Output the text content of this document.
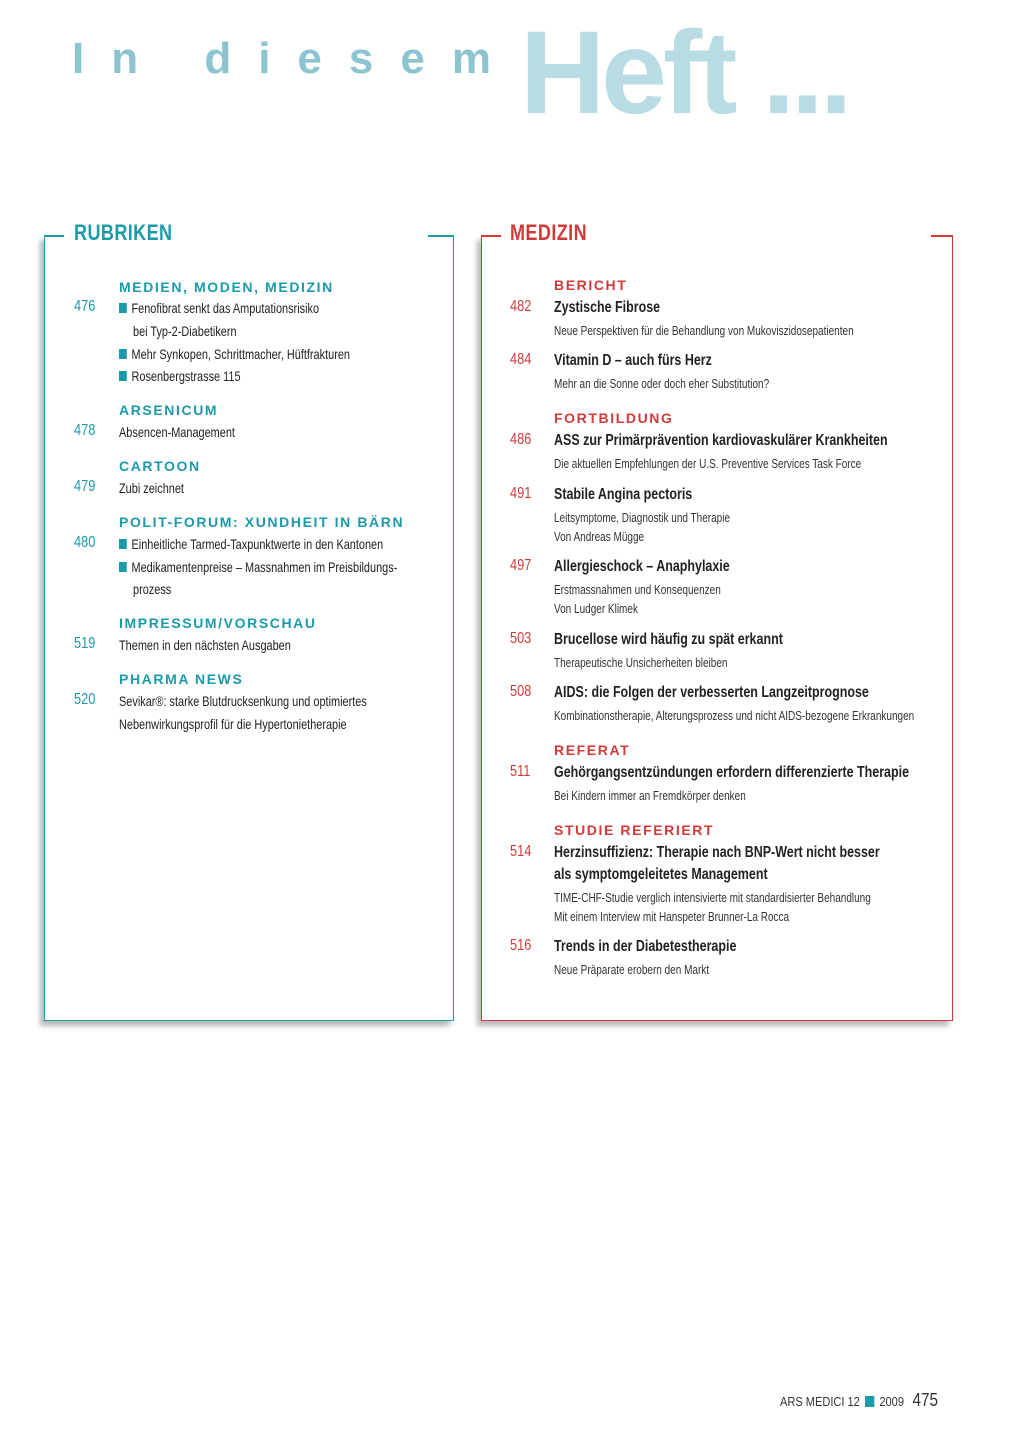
In diesem Heft ...
RUBRIKEN
MEDIEN, MODEN, MEDIZIN
476	Fenofibrat senkt das Amputationsrisiko
bei Typ-2-Diabetikern
Mehr Synkopen, Schrittmacher, Hüftfrakturen
Rosenbergstrasse 115
ARSENICUM
478 Absencen-Management
CARTOON
479 Zubi zeichnet
POLIT-FORUM: XUNDHEIT IN BÄRN
480	Einheitliche Tarmed-Taxpunktwerte in den Kantonen
Medikamentenpreise – Massnahmen im Preisbildungs-
prozess
IMPRESSUM/VORSCHAU
519 Themen in den nächsten Ausgaben
PHARMA NEWS
520 Sevikar®: starke Blutdrucksenkung und optimiertes
Nebenwirkungsprofil für die Hypertonietherapie
MEDIZIN
BERICHT
482 Zystische Fibrose
Neue Perspektiven für die Behandlung von Mukoviszidosepatienten
484 Vitamin D – auch fürs Herz
Mehr an die Sonne oder doch eher Substitution?
FORTBILDUNG
486 ASS zur Primärprävention kardiovaskulärer Krankheiten
Die aktuellen Empfehlungen der U.S. Preventive Services Task Force
491 Stabile Angina pectoris
Leitsymptome, Diagnostik und Therapie
Von Andreas Mügge
497 Allergieschock – Anaphylaxie
Erstmassnahmen und Konsequenzen
Von Ludger Klimek
503 Brucellose wird häufig zu spät erkannt
Therapeutische Unsicherheiten bleiben
508 AIDS: die Folgen der verbesserten Langzeitprognose
Kombinationstherapie, Alterungsprozess und nicht AIDS-bezogene Erkrankungen
REFERAT
511 Gehörgangsentzündungen erfordern differenzierte Therapie
Bei Kindern immer an Fremdkörper denken
STUDIE REFERIERT
514 Herzinsuffizienz: Therapie nach BNP-Wert nicht besser
als symptomgeleitetes Management
TIME-CHF-Studie verglich intensivierte mit standardisierter Behandlung
Mit einem Interview mit Hanspeter Brunner-La Rocca
516 Trends in der Diabetestherapie
Neue Präparate erobern den Markt
ARS MEDICI 12 2009 475
